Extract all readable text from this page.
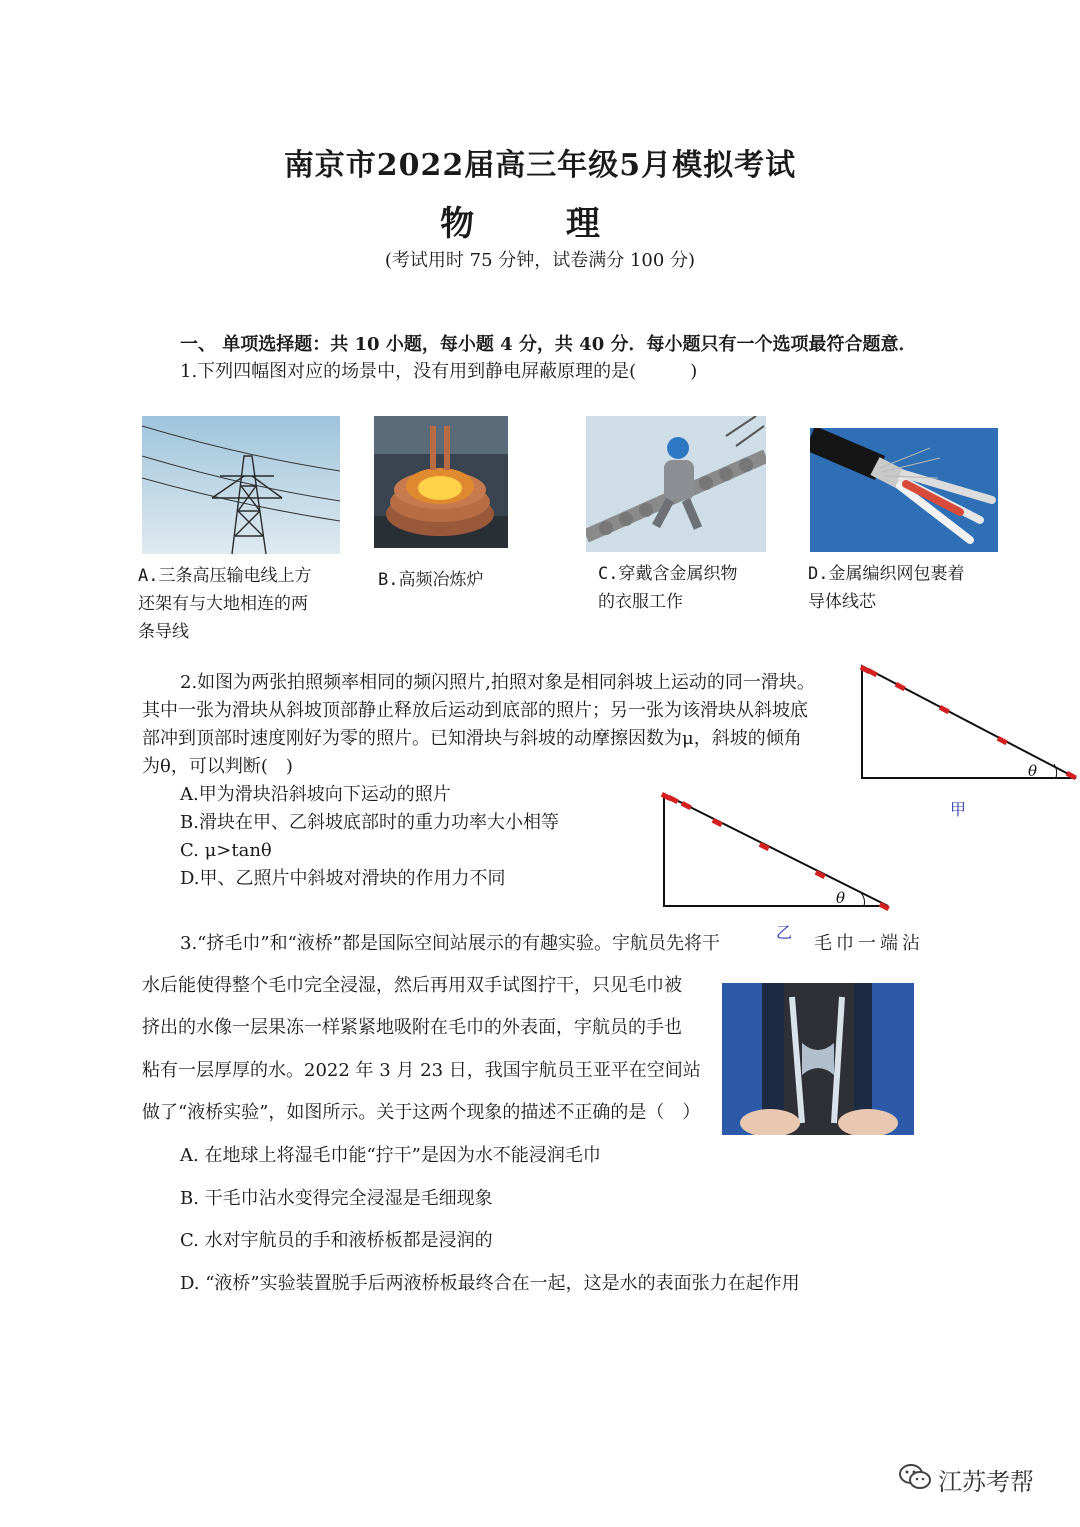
南京市2022届高三年级5月模拟考试
物 理
(考试用时 75 分钟，试卷满分 100 分)
一、 单项选择题：共 10 小题，每小题 4 分，共 40 分．每小题只有一个选项最符合题意．
1.下列四幅图对应的场景中，没有用到静电屏蔽原理的是(　　　)
A.三条高压输电线上方
还架有与大地相连的两
条导线
B.高频冶炼炉	C.穿戴含金属织物
的衣服工作
D.金属编织网包裹着
导体线芯
2.如图为两张拍照频率相同的频闪照片,拍照对象是相同斜坡上运动的同一滑块。
其中一张为滑块从斜坡顶部静止释放后运动到底部的照片；另一张为该滑块从斜坡底
部冲到顶部时速度刚好为零的照片。已知滑块与斜坡的动摩擦因数为μ，斜坡的倾角
为θ，可以判断(　)
A.甲为滑块沿斜坡向下运动的照片
B.滑块在甲、乙斜坡底部时的重力功率大小相等
C. μ>tanθ
D.甲、乙照片中斜坡对滑块的作用力不同
θ
甲
θ
乙
3.“挤毛巾”和“液桥”都是国际空间站展示的有趣实验。宇航员先将干	毛巾一端沾
水后能使得整个毛巾完全浸湿，然后再用双手试图拧干，只见毛巾被
挤出的水像一层果冻一样紧紧地吸附在毛巾的外表面，宇航员的手也
粘有一层厚厚的水。2022 年 3 月 23 日，我国宇航员王亚平在空间站
做了“液桥实验”，如图所示。关于这两个现象的描述不正确的是（　）
A. 在地球上将湿毛巾能“拧干”是因为水不能浸润毛巾
B. 干毛巾沾水变得完全浸湿是毛细现象
C. 水对宇航员的手和液桥板都是浸润的
D. “液桥”实验装置脱手后两液桥板最终合在一起，这是水的表面张力在起作用
江苏考帮
